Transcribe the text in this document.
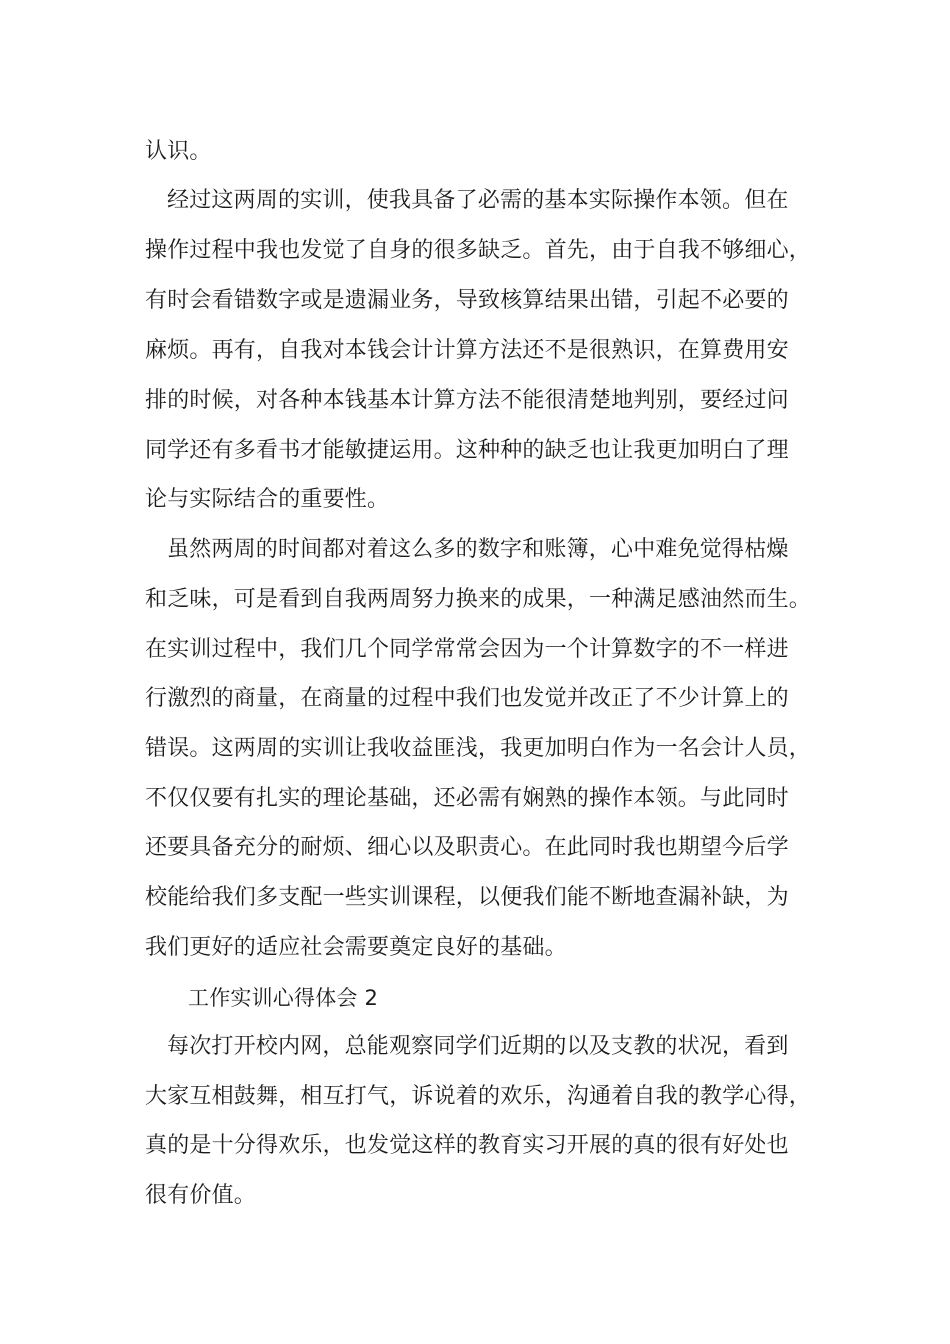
认识。
经过这两周的实训，使我具备了必需的基本实际操作本领。但在
操作过程中我也发觉了自身的很多缺乏。首先，由于自我不够细心，
有时会看错数字或是遗漏业务，导致核算结果出错，引起不必要的
麻烦。再有，自我对本钱会计计算方法还不是很熟识，在算费用安
排的时候，对各种本钱基本计算方法不能很清楚地判别，要经过问
同学还有多看书才能敏捷运用。这种种的缺乏也让我更加明白了理
论与实际结合的重要性。
虽然两周的时间都对着这么多的数字和账簿，心中难免觉得枯燥
和乏味，可是看到自我两周努力换来的成果，一种满足感油然而生。
在实训过程中，我们几个同学常常会因为一个计算数字的不一样进
行激烈的商量，在商量的过程中我们也发觉并改正了不少计算上的
错误。这两周的实训让我收益匪浅，我更加明白作为一名会计人员，
不仅仅要有扎实的理论基础，还必需有娴熟的操作本领。与此同时
还要具备充分的耐烦、细心以及职责心。在此同时我也期望今后学
校能给我们多支配一些实训课程，以便我们能不断地查漏补缺，为
我们更好的适应社会需要奠定良好的基础。
工作实训心得体会 2
每次打开校内网，总能观察同学们近期的以及支教的状况，看到
大家互相鼓舞，相互打气，诉说着的欢乐，沟通着自我的教学心得，
真的是十分得欢乐，也发觉这样的教育实习开展的真的很有好处也
很有价值。
